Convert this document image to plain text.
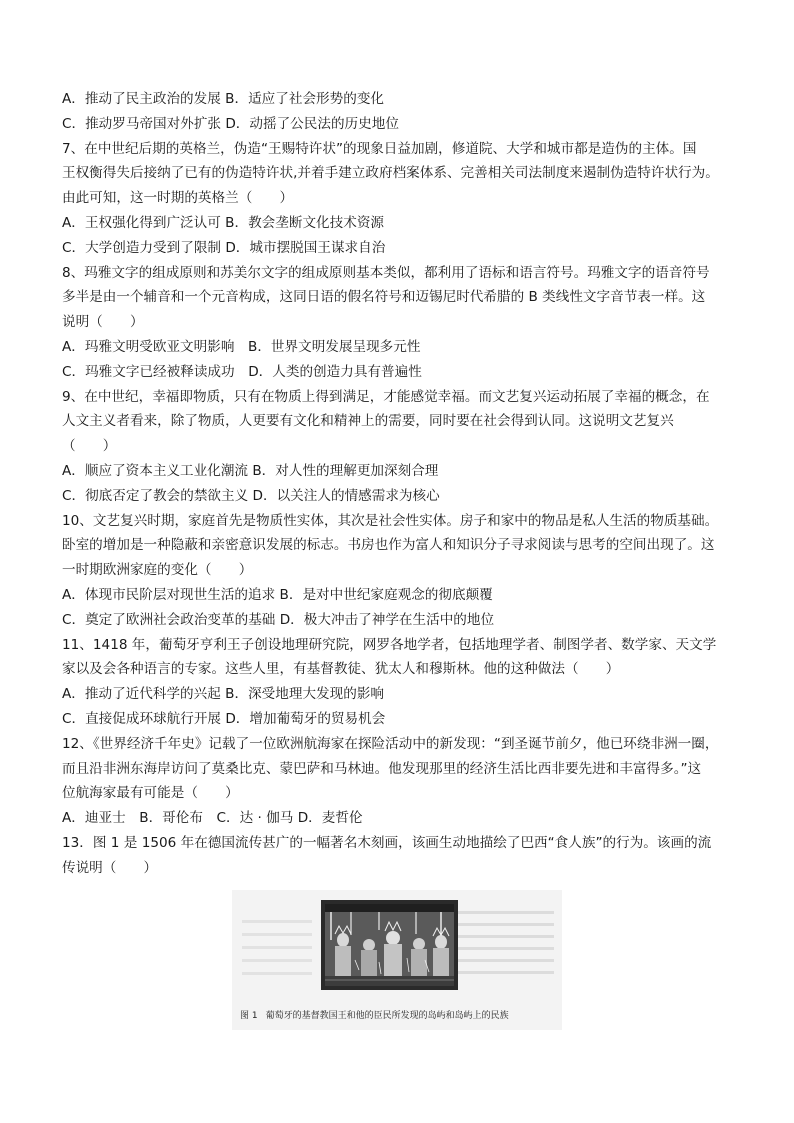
A．推动了民主政治的发展 B．适应了社会形势的变化
C．推动罗马帝国对外扩张 D．动摇了公民法的历史地位
7、在中世纪后期的英格兰，伪造“王赐特许状”的现象日益加剧，修道院、大学和城市都是造伪的主体。国
王权衡得失后接纳了已有的伪造特许状,并着手建立政府档案体系、完善相关司法制度来遏制伪造特许状行为。
由此可知，这一时期的英格兰（　　）
A．王权强化得到广泛认可 B．教会垄断文化技术资源
C．大学创造力受到了限制 D．城市摆脱国王谋求自治
8、玛雅文字的组成原则和苏美尔文字的组成原则基本类似，都利用了语标和语言符号。玛雅文字的语音符号
多半是由一个辅音和一个元音构成，这同日语的假名符号和迈锡尼时代希腊的 B 类线性文字音节表一样。这
说明（　　）
A．玛雅文明受欧亚文明影响　B．世界文明发展呈现多元性
C．玛雅文字已经被释读成功　D．人类的创造力具有普遍性
9、在中世纪，幸福即物质，只有在物质上得到满足，才能感觉幸福。而文艺复兴运动拓展了幸福的概念，在
人文主义者看来，除了物质，人更要有文化和精神上的需要，同时要在社会得到认同。这说明文艺复兴
（　　）
A．顺应了资本主义工业化潮流 B．对人性的理解更加深刻合理
C．彻底否定了教会的禁欲主义 D．以关注人的情感需求为核心
10、文艺复兴时期，家庭首先是物质性实体，其次是社会性实体。房子和家中的物品是私人生活的物质基础。
卧室的增加是一种隐蔽和亲密意识发展的标志。书房也作为富人和知识分子寻求阅读与思考的空间出现了。这
一时期欧洲家庭的变化（　　）
A．体现市民阶层对现世生活的追求 B．是对中世纪家庭观念的彻底颠覆
C．奠定了欧洲社会政治变革的基础 D．极大冲击了神学在生活中的地位
11、1418 年，葡萄牙亨利王子创设地理研究院，网罗各地学者，包括地理学者、制图学者、数学家、天文学
家以及会各种语言的专家。这些人里，有基督教徒、犹太人和穆斯林。他的这种做法（　　）
A．推动了近代科学的兴起 B．深受地理大发现的影响
C．直接促成环球航行开展 D．增加葡萄牙的贸易机会
12、《世界经济千年史》记载了一位欧洲航海家在探险活动中的新发现：“到圣诞节前夕，他已环绕非洲一圈，
而且沿非洲东海岸访问了莫桑比克、蒙巴萨和马林迪。他发现那里的经济生活比西非要先进和丰富得多。”这
位航海家最有可能是（　　）
A．迪亚士　B．哥伦布　C．达 · 伽马 D．麦哲伦
13．图 1 是 1506 年在德国流传甚广的一幅著名木刻画，该画生动地描绘了巴西“食人族”的行为。该画的流
传说明（　　）
图 1 葡萄牙的基督教国王和他的臣民所发现的岛屿和岛屿上的民族
